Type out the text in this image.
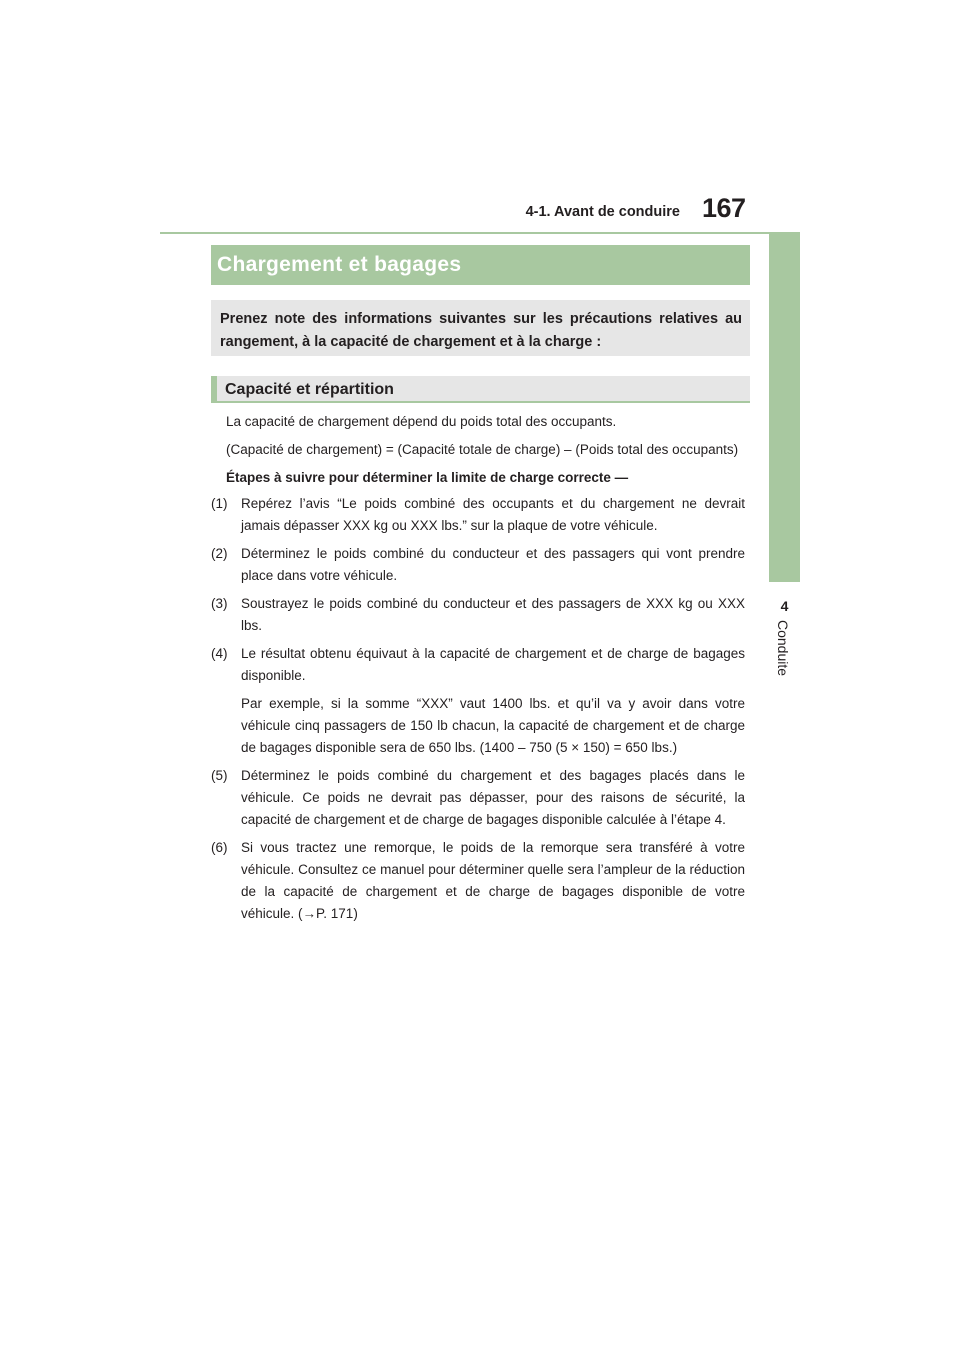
4-1. Avant de conduire 167
4
Conduite
Chargement et bagages
Prenez note des informations suivantes sur les précautions relatives au rangement, à la capacité de chargement et à la charge :
Capacité et répartition

La capacité de chargement dépend du poids total des occupants.

(Capacité de chargement) = (Capacité totale de charge) – (Poids total des occupants)

Étapes à suivre pour déterminer la limite de charge correcte —

(1) Repérez l’avis “Le poids combiné des occupants et du chargement ne devrait jamais dépasser XXX kg ou XXX lbs.” sur la plaque de votre véhicule.
(2) Déterminez le poids combiné du conducteur et des passagers qui vont prendre place dans votre véhicule.
(3) Soustrayez le poids combiné du conducteur et des passagers de XXX kg ou XXX lbs.
(4) Le résultat obtenu équivaut à la capacité de chargement et de charge de bagages disponible.

Par exemple, si la somme “XXX” vaut 1400 lbs. et qu’il va y avoir dans votre véhicule cinq passagers de 150 lb chacun, la capacité de chargement et de charge de bagages disponible sera de 650 lbs. (1400 – 750 (5 × 150) = 650 lbs.)

(5) Déterminez le poids combiné du chargement et des bagages placés dans le véhicule. Ce poids ne devrait pas dépasser, pour des raisons de sécurité, la capacité de chargement et de charge de bagages disponible calculée à l’étape 4.
(6) Si vous tractez une remorque, le poids de la remorque sera transféré à votre véhicule. Consultez ce manuel pour déterminer quelle sera l’ampleur de la réduction de la capacité de chargement et de charge de bagages disponible de votre véhicule. (→P. 171)
